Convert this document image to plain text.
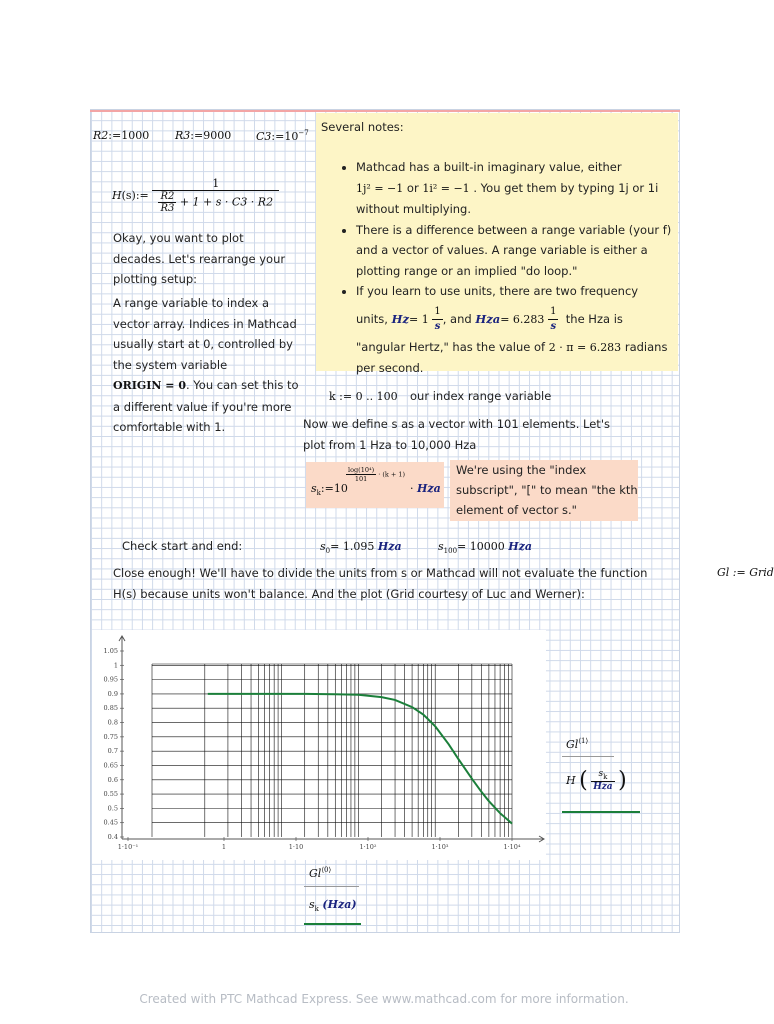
R2:=1000 R3:=9000 $C3:=10^{-7}$
H(s):= $\frac{1}{\frac{R2}{R3} + 1 + s \cdot C3 \cdot R2}$
Okay, you want to plot decades. Let's rearrange your plotting setup:
A range variable to index a vector array. Indices in Mathcad usually start at 0, controlled by the system variable ORIGIN = 0. You can set this to a different value if you're more comfortable with 1.
Several notes:
• Mathcad has a built-in imaginary value, either
1j² = −1 or 1i² = −1 . You get them by typing 1j or 1i without multiplying.
• There is a difference between a range variable (your f) and a vector of values. A range variable is either a plotting range or an implied "do loop."
• If you learn to use units, there are two frequency
units, $Hz= 1 \frac{1}{s}$ , and $Hza= 6.283 \frac{1}{s}$ the Hza is
"angular Hertz," has the value of 2 · π = 6.283 radians
per second.
k := 0 .. 100 our index range variable
Now we define s as a vector with 101 elements. Let's plot from 1 Hza to 10,000 Hza
$s_k:=10$
$\frac{\text{log(10⁴)}}{101} \cdot (k + 1)$
· Hza
We're using the "index subscript", "[" to mean "the kth element of vector s."
Check start and end:	$s_0= 1.095$ Hza	$s_{100}= 10000$ Hza
Close enough! We'll have to divide the units from s or Mathcad will not evaluate the function H(s) because units won't balance. And the plot (Grid courtesy of Luc and Werner):
Gl := Grid
1.05
1
0.95
0.9
0.85
0.8
0.75
0.7
0.65
0.6
0.55
0.5
0.45
0.4
1·10⁻¹	1	1·10	1·10²	1·10³	1·10⁴
$Gl^{⟨1⟩}$
H ( $\frac{s_k}{\text{Hza}}$ )
$Gl^{⟨0⟩}$
$s_k$ (Hza)
Created with PTC Mathcad Express. See www.mathcad.com for more information.
